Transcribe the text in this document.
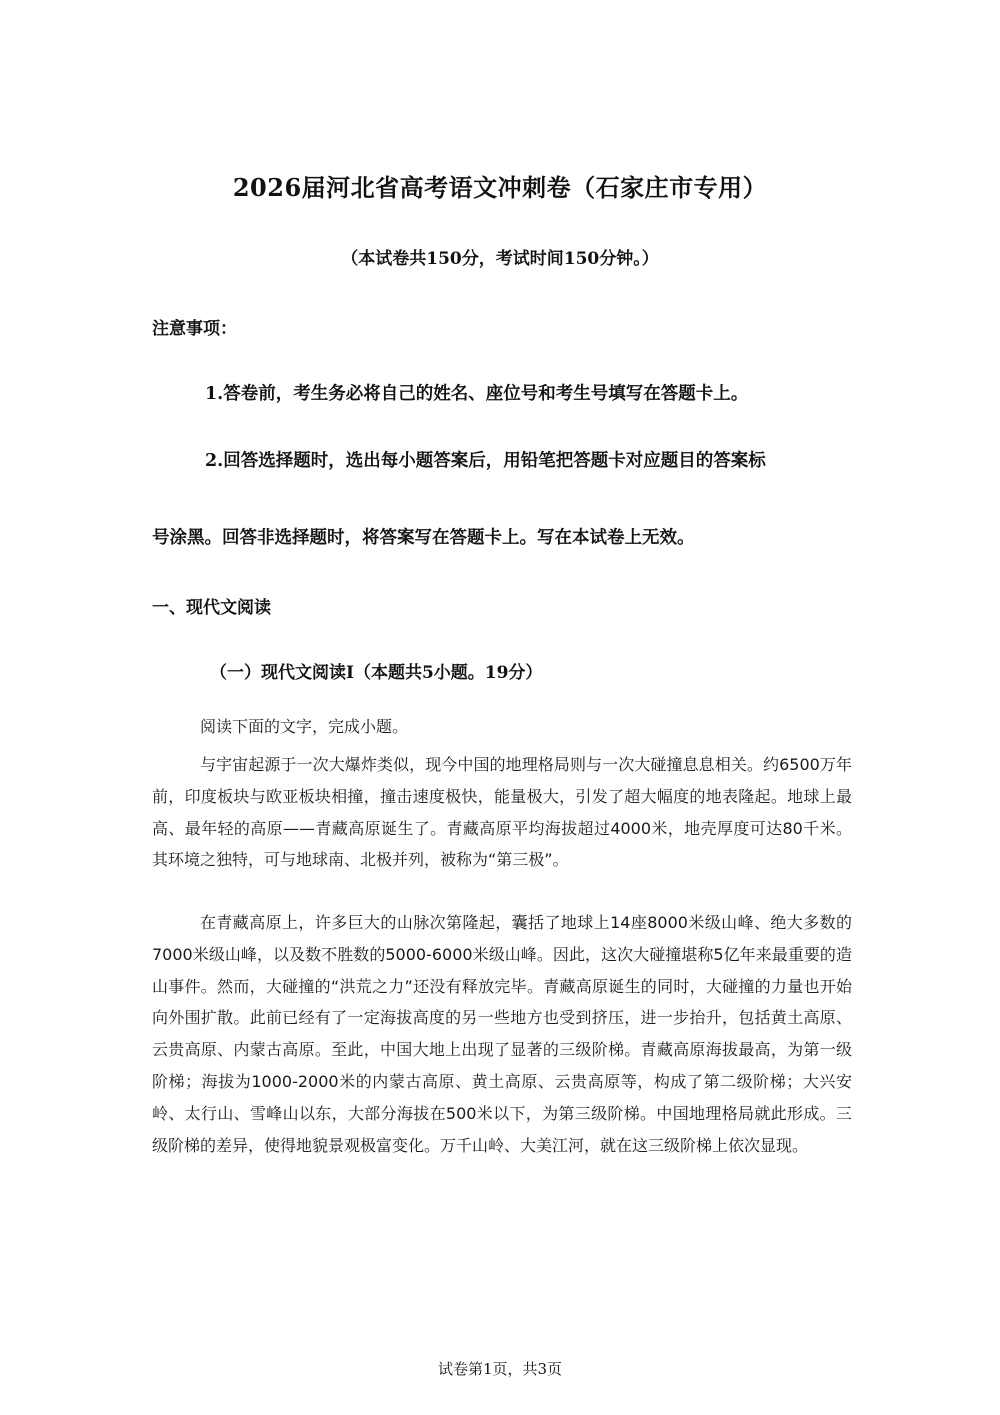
2026届河北省高考语文冲刺卷（石家庄市专用）
（本试卷共150分，考试时间150分钟。）
注意事项：
1.答卷前，考生务必将自己的姓名、座位号和考生号填写在答题卡上。
2.回答选择题时，选出每小题答案后，用铅笔把答题卡对应题目的答案标
号涂黑。回答非选择题时，将答案写在答题卡上。写在本试卷上无效。
一、现代文阅读
（一）现代文阅读Ⅰ（本题共5小题。19分）

阅读下面的文字，完成小题。

与宇宙起源于一次大爆炸类似，现今中国的地理格局则与一次大碰撞息息相关。约6500万年前，印度板块与欧亚板块相撞，撞击速度极快，能量极大，引发了超大幅度的地表隆起。地球上最高、最年轻的高原——青藏高原诞生了。青藏高原平均海拔超过4000米，地壳厚度可达80千米。其环境之独特，可与地球南、北极并列，被称为“第三极”。

在青藏高原上，许多巨大的山脉次第隆起，囊括了地球上14座8000米级山峰、绝大多数的7000米级山峰，以及数不胜数的5000-6000米级山峰。因此，这次大碰撞堪称5亿年来最重要的造山事件。然而，大碰撞的“洪荒之力”还没有释放完毕。青藏高原诞生的同时，大碰撞的力量也开始向外围扩散。此前已经有了一定海拔高度的另一些地方也受到挤压，进一步抬升，包括黄土高原、云贵高原、内蒙古高原。至此，中国大地上出现了显著的三级阶梯。青藏高原海拔最高，为第一级阶梯；海拔为1000-2000米的内蒙古高原、黄土高原、云贵高原等，构成了第二级阶梯；大兴安岭、太行山、雪峰山以东，大部分海拔在500米以下，为第三级阶梯。中国地理格局就此形成。三级阶梯的差异，使得地貌景观极富变化。万千山岭、大美江河，就在这三级阶梯上依次显现。

试卷第1页，共3页
